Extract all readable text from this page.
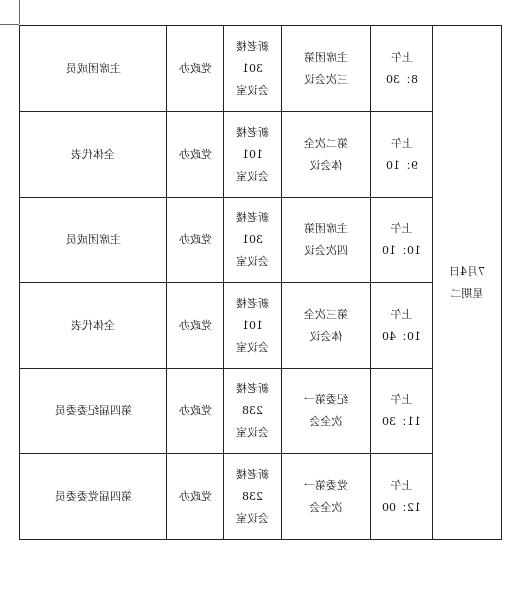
主席团成员	党政办	新老楼
301
会议室	主席团第
三次会议	上午
8：30	7月4日
星期二

全体代表	党政办	新老楼
101
会议室	第二次全
体会议	上午
9：10	

主席团成员	党政办	新老楼
301
会议室	主席团第
四次会议	上午
10：10	

全体代表	党政办	新老楼
101
会议室	第三次全
体会议	上午
10：40	

第四届纪委委员	党政办	新老楼
238
会议室	纪委第一
次全会	上午
11：30	

第四届党委委员	党政办	新老楼
238
会议室	党委第一
次全会	上午
12：00	
